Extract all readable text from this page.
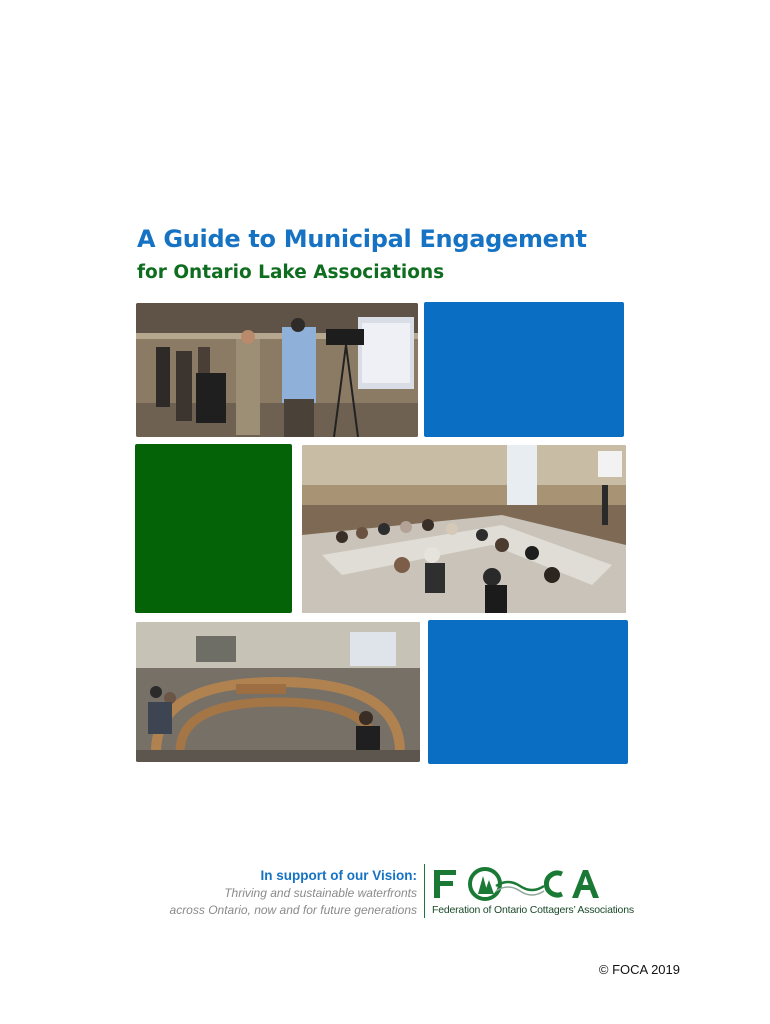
A Guide to Municipal Engagement
for Ontario Lake Associations
In support of our Vision:
Thriving and sustainable waterfronts
across Ontario, now and for future generations Federation of Ontario Cottagers’ Associations
© FOCA 2019
